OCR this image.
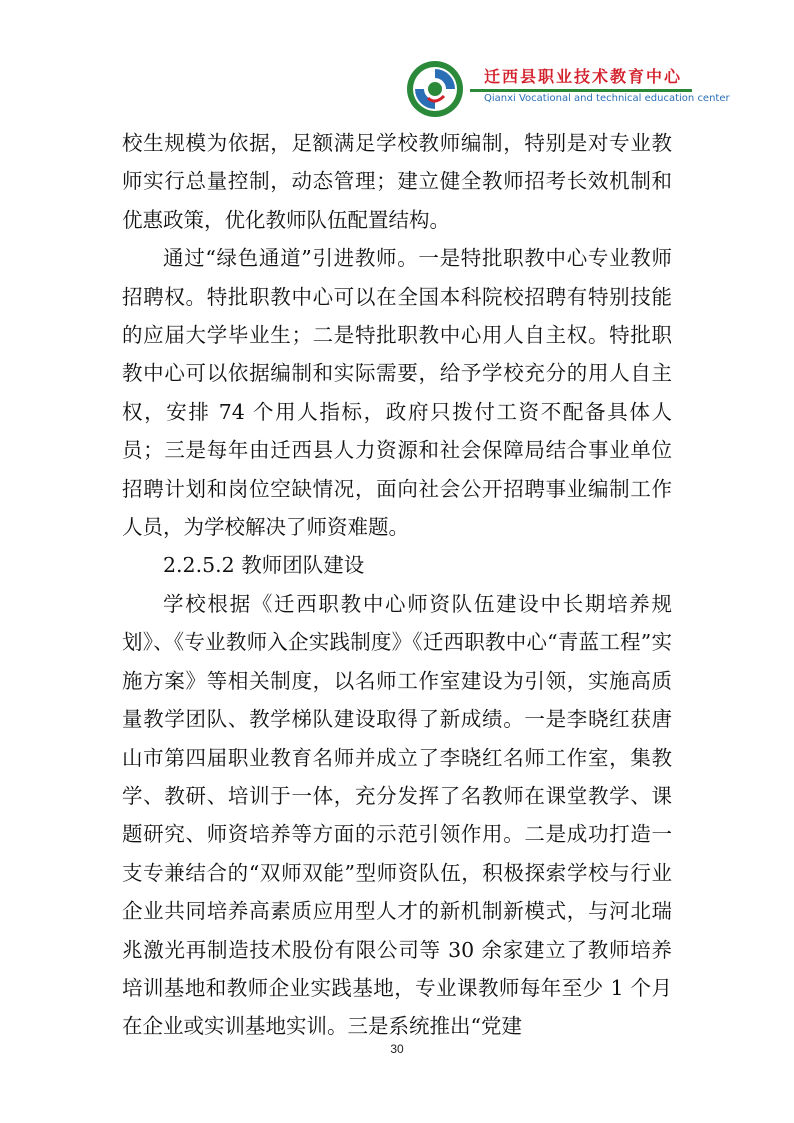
迁西县职业技术教育中心
Qianxi Vocational and technical education center

校生规模为依据，足额满足学校教师编制，特别是对专业教师实行总量控制，动态管理；建立健全教师招考长效机制和优惠政策，优化教师队伍配置结构。

通过“绿色通道”引进教师。一是特批职教中心专业教师招聘权。特批职教中心可以在全国本科院校招聘有特别技能的应届大学毕业生；二是特批职教中心用人自主权。特批职教中心可以依据编制和实际需要，给予学校充分的用人自主权，安排 74 个用人指标，政府只拨付工资不配备具体人员；三是每年由迁西县人力资源和社会保障局结合事业单位招聘计划和岗位空缺情况，面向社会公开招聘事业编制工作人员，为学校解决了师资难题。

2.2.5.2 教师团队建设

学校根据《迁西职教中心师资队伍建设中长期培养规划》、《专业教师入企实践制度》《迁西职教中心“青蓝工程”实施方案》等相关制度，以名师工作室建设为引领，实施高质量教学团队、教学梯队建设取得了新成绩。一是李晓红获唐山市第四届职业教育名师并成立了李晓红名师工作室，集教学、教研、培训于一体，充分发挥了名教师在课堂教学、课题研究、师资培养等方面的示范引领作用。二是成功打造一支专兼结合的“双师双能”型师资队伍，积极探索学校与行业企业共同培养高素质应用型人才的新机制新模式，与河北瑞兆激光再制造技术股份有限公司等 30 余家建立了教师培养培训基地和教师企业实践基地，专业课教师每年至少 1 个月在企业或实训基地实训。三是系统推出“党建

30
